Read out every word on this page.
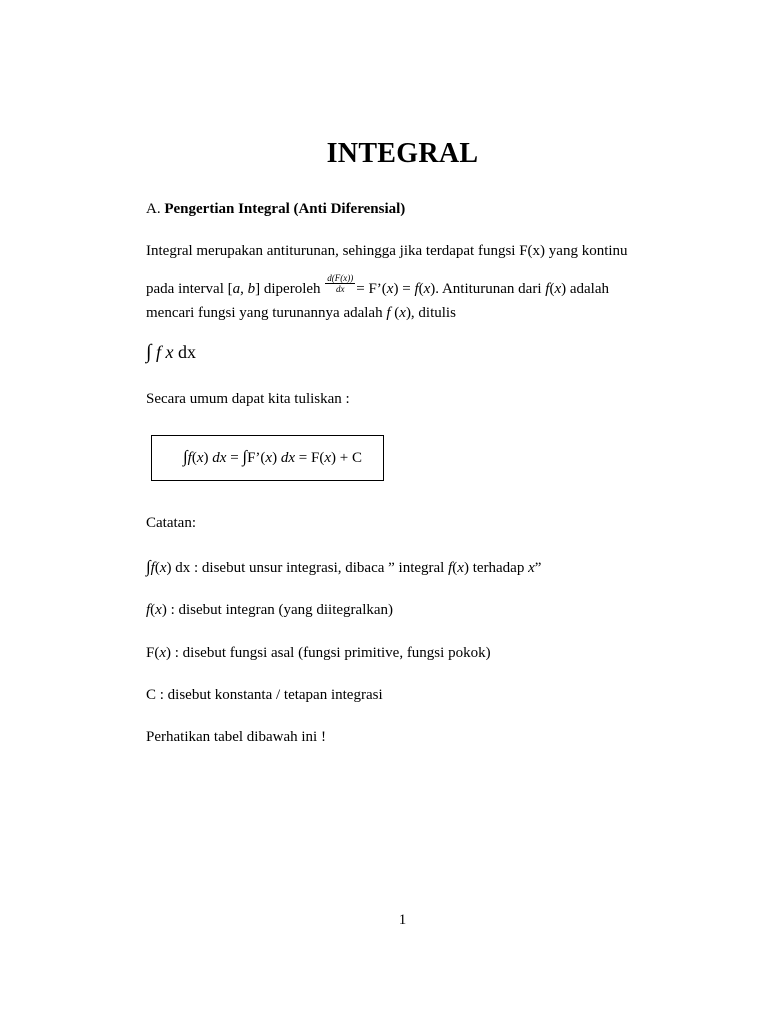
INTEGRAL
A. Pengertian Integral (Anti Diferensial)
Integral merupakan antiturunan, sehingga jika terdapat fungsi F(x) yang kontinu
pada interval [a, b] diperoleh $\frac{d(F(x))}{dx}$ = F’(x) = f(x). Antiturunan dari f(x) adalah
mencari fungsi yang turunannya adalah f (x), ditulis
∫ f x dx
Secara umum dapat kita tuliskan :
∫f(x) dx = ∫F’(x) dx = F(x) + C
Catatan:
∫f(x) dx : disebut unsur integrasi, dibaca ” integral f(x) terhadap x”
f(x) : disebut integran (yang diitegralkan)
F(x) : disebut fungsi asal (fungsi primitive, fungsi pokok)
C : disebut konstanta / tetapan integrasi
Perhatikan tabel dibawah ini !
1
